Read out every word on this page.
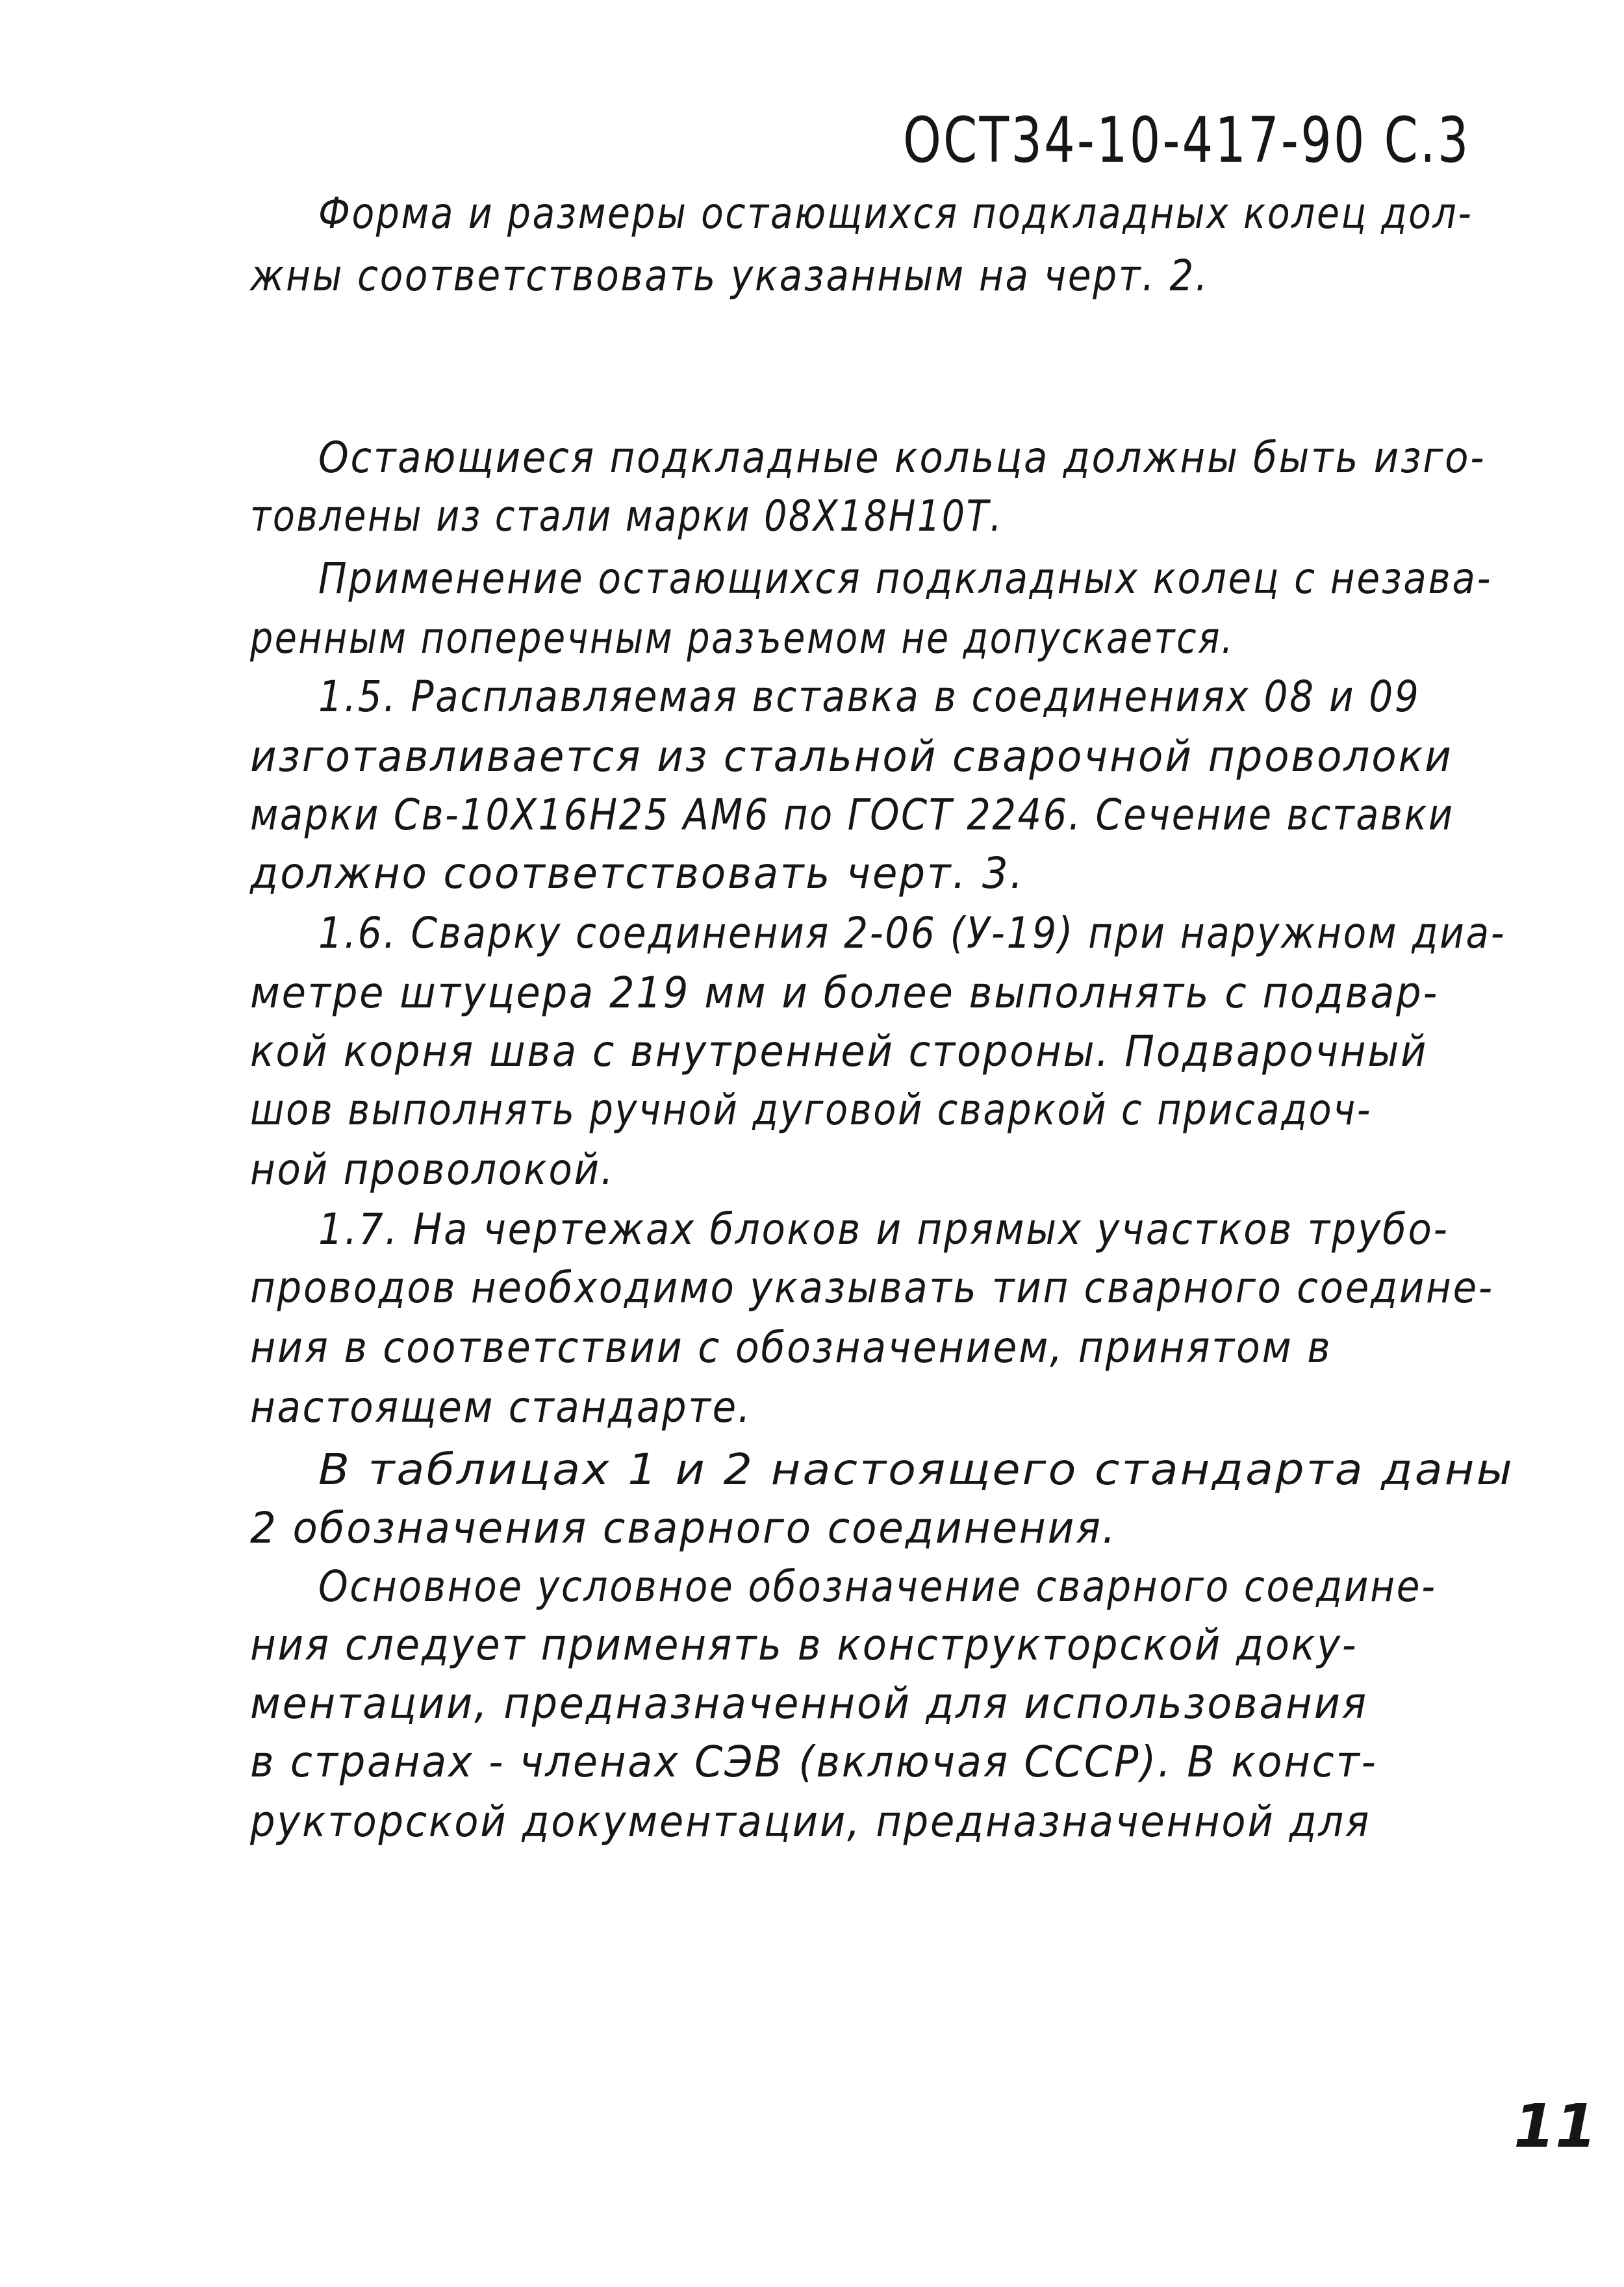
ОСТ34-10-417-90 С.3
Форма и размеры остающихся подкладных колец дол-
жны соответствовать указанным на черт. 2.
Остающиеся подкладные кольца должны быть изго-
товлены из стали марки 08Х18Н10Т.
Применение остающихся подкладных колец с незава-
ренным поперечным разъемом не допускается.
1.5. Расплавляемая вставка в соединениях 08 и 09
изготавливается из стальной сварочной проволоки
марки Св-10Х16Н25 АМ6 по ГОСТ 2246. Сечение вставки
должно соответствовать черт. 3.
1.6. Сварку соединения 2-06 (У-19) при наружном диа-
метре штуцера 219 мм и более выполнять с подвар-
кой корня шва с внутренней стороны. Подварочный
шов выполнять ручной дуговой сваркой с присадоч-
ной проволокой.
1.7. На чертежах блоков и прямых участков трубо-
проводов необходимо указывать тип сварного соедине-
ния в соответствии с обозначением, принятом в
настоящем стандарте.
В таблицах 1 и 2 настоящего стандарта даны
2 обозначения сварного соединения.
Основное условное обозначение сварного соедине-
ния следует применять в конструкторской доку-
ментации, предназначенной для использования
в странах - членах СЭВ (включая СССР). В конст-
рукторской документации, предназначенной для
11
